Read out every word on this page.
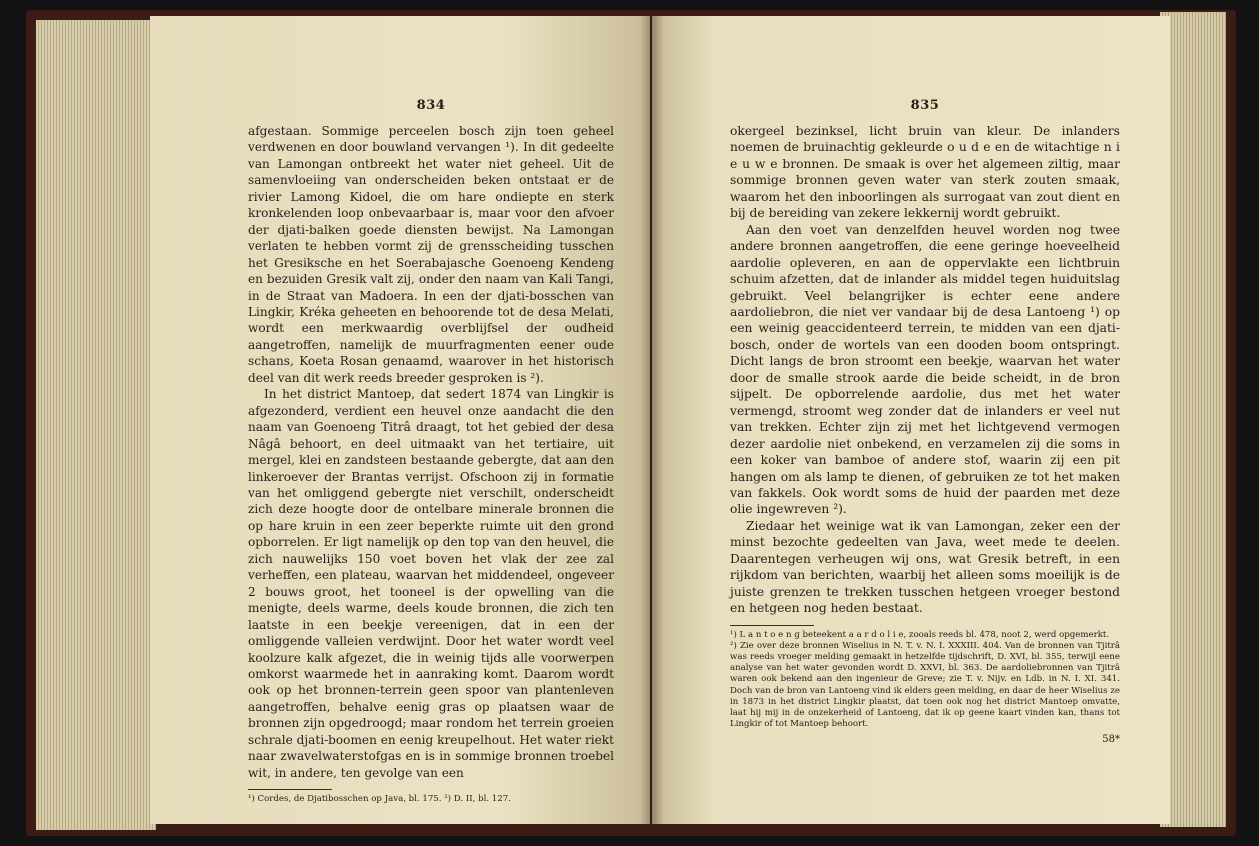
834

afgestaan. Sommige perceelen bosch zijn toen geheel verdwenen en door bouwland vervangen ¹). In dit gedeelte van Lamongan ontbreekt het water niet geheel. Uit de samenvloeiing van onderscheiden beken ontstaat er de rivier Lamong Kidoel, die om hare ondiepte en sterk kronkelenden loop onbevaarbaar is, maar voor den afvoer der djati-balken goede diensten bewijst. Na Lamongan verlaten te hebben vormt zij de grensscheiding tusschen het Gresiksche en het Soerabajasche Goenoeng Kendeng en bezuiden Gresik valt zij, onder den naam van Kali Tangi, in de Straat van Madoera. In een der djati-bosschen van Lingkir, Kréka geheeten en behoorende tot de desa Melati, wordt een merkwaardig overblijfsel der oudheid aangetroffen, namelijk de muurfragmenten eener oude schans, Koeta Rosan genaamd, waarover in het historisch deel van dit werk reeds breeder gesproken is ²).

In het district Mantoep, dat sedert 1874 van Lingkir is afgezonderd, verdient een heuvel onze aandacht die den naam van Goenoeng Titrâ draagt, tot het gebied der desa Nâgâ behoort, en deel uitmaakt van het tertiaire, uit mergel, klei en zandsteen bestaande gebergte, dat aan den linkeroever der Brantas verrijst. Ofschoon zij in formatie van het omliggend gebergte niet verschilt, onderscheidt zich deze hoogte door de ontelbare minerale bronnen die op hare kruin in een zeer beperkte ruimte uit den grond opborrelen. Er ligt namelijk op den top van den heuvel, die zich nauwelijks 150 voet boven het vlak der zee zal verheffen, een plateau, waarvan het middendeel, ongeveer 2 bouws groot, het tooneel is der opwelling van die menigte, deels warme, deels koude bronnen, die zich ten laatste in een beekje vereenigen, dat in een der omliggende valleien verdwijnt. Door het water wordt veel koolzure kalk afgezet, die in weinig tijds alle voorwerpen omkorst waarmede het in aanraking komt. Daarom wordt ook op het bronnen-terrein geen spoor van plantenleven aangetroffen, behalve eenig gras op plaatsen waar de bronnen zijn opgedroogd; maar rondom het terrein groeien schrale djati-boomen en eenig kreupelhout. Het water riekt naar zwavelwaterstofgas en is in sommige bronnen troebel wit, in andere, ten gevolge van een

¹) Cordes, de Djatibosschen op Java, bl. 175. ²) D. II, bl. 127.

835

okergeel bezinksel, licht bruin van kleur. De inlanders noemen de bruinachtig gekleurde o u d e en de witachtige n i e u w e bronnen. De smaak is over het algemeen ziltig, maar sommige bronnen geven water van sterk zouten smaak, waarom het den inboorlingen als surrogaat van zout dient en bij de bereiding van zekere lekkernij wordt gebruikt.

Aan den voet van denzelfden heuvel worden nog twee andere bronnen aangetroffen, die eene geringe hoeveelheid aardolie opleveren, en aan de oppervlakte een lichtbruin schuim afzetten, dat de inlander als middel tegen huiduitslag gebruikt. Veel belangrijker is echter eene andere aardoliebron, die niet ver vandaar bij de desa Lantoeng ¹) op een weinig geaccidenteerd terrein, te midden van een djati-bosch, onder de wortels van een dooden boom ontspringt. Dicht langs de bron stroomt een beekje, waarvan het water door de smalle strook aarde die beide scheidt, in de bron sijpelt. De opborrelende aardolie, dus met het water vermengd, stroomt weg zonder dat de inlanders er veel nut van trekken. Echter zijn zij met het lichtgevend vermogen dezer aardolie niet onbekend, en verzamelen zij die soms in een koker van bamboe of andere stof, waarin zij een pit hangen om als lamp te dienen, of gebruiken ze tot het maken van fakkels. Ook wordt soms de huid der paarden met deze olie ingewreven ²).

Ziedaar het weinige wat ik van Lamongan, zeker een der minst bezochte gedeelten van Java, weet mede te deelen. Daarentegen verheugen wij ons, wat Gresik betreft, in een rijkdom van berichten, waarbij het alleen soms moeilijk is de juiste grenzen te trekken tusschen hetgeen vroeger bestond en hetgeen nog heden bestaat.

¹) L a n t o e n g beteekent a a r d o l i e, zooals reeds bl. 478, noot 2, werd opgemerkt.

²) Zie over deze bronnen Wiselius in N. T. v. N. I. XXXIII. 404. Van de bronnen van Tjitrâ was reeds vroeger melding gemaakt in hetzelfde tijdschrift, D. XVI, bl. 355, terwijl eene analyse van het water gevonden wordt D. XXVI, bl. 363. De aardoliebronnen van Tjitrâ waren ook bekend aan den ingenieur de Greve; zie T. v. Nijv. en Ldb. in N. I. XI. 341. Doch van de bron van Lantoeng vind ik elders geen melding, en daar de heer Wiselius ze in 1873 in het district Lingkir plaatst, dat toen ook nog het district Mantoep omvatte, laat hij mij in de onzekerheid of Lantoeng, dat ik op geene kaart vinden kan, thans tot Lingkir of tot Mantoep behoort.

58*
